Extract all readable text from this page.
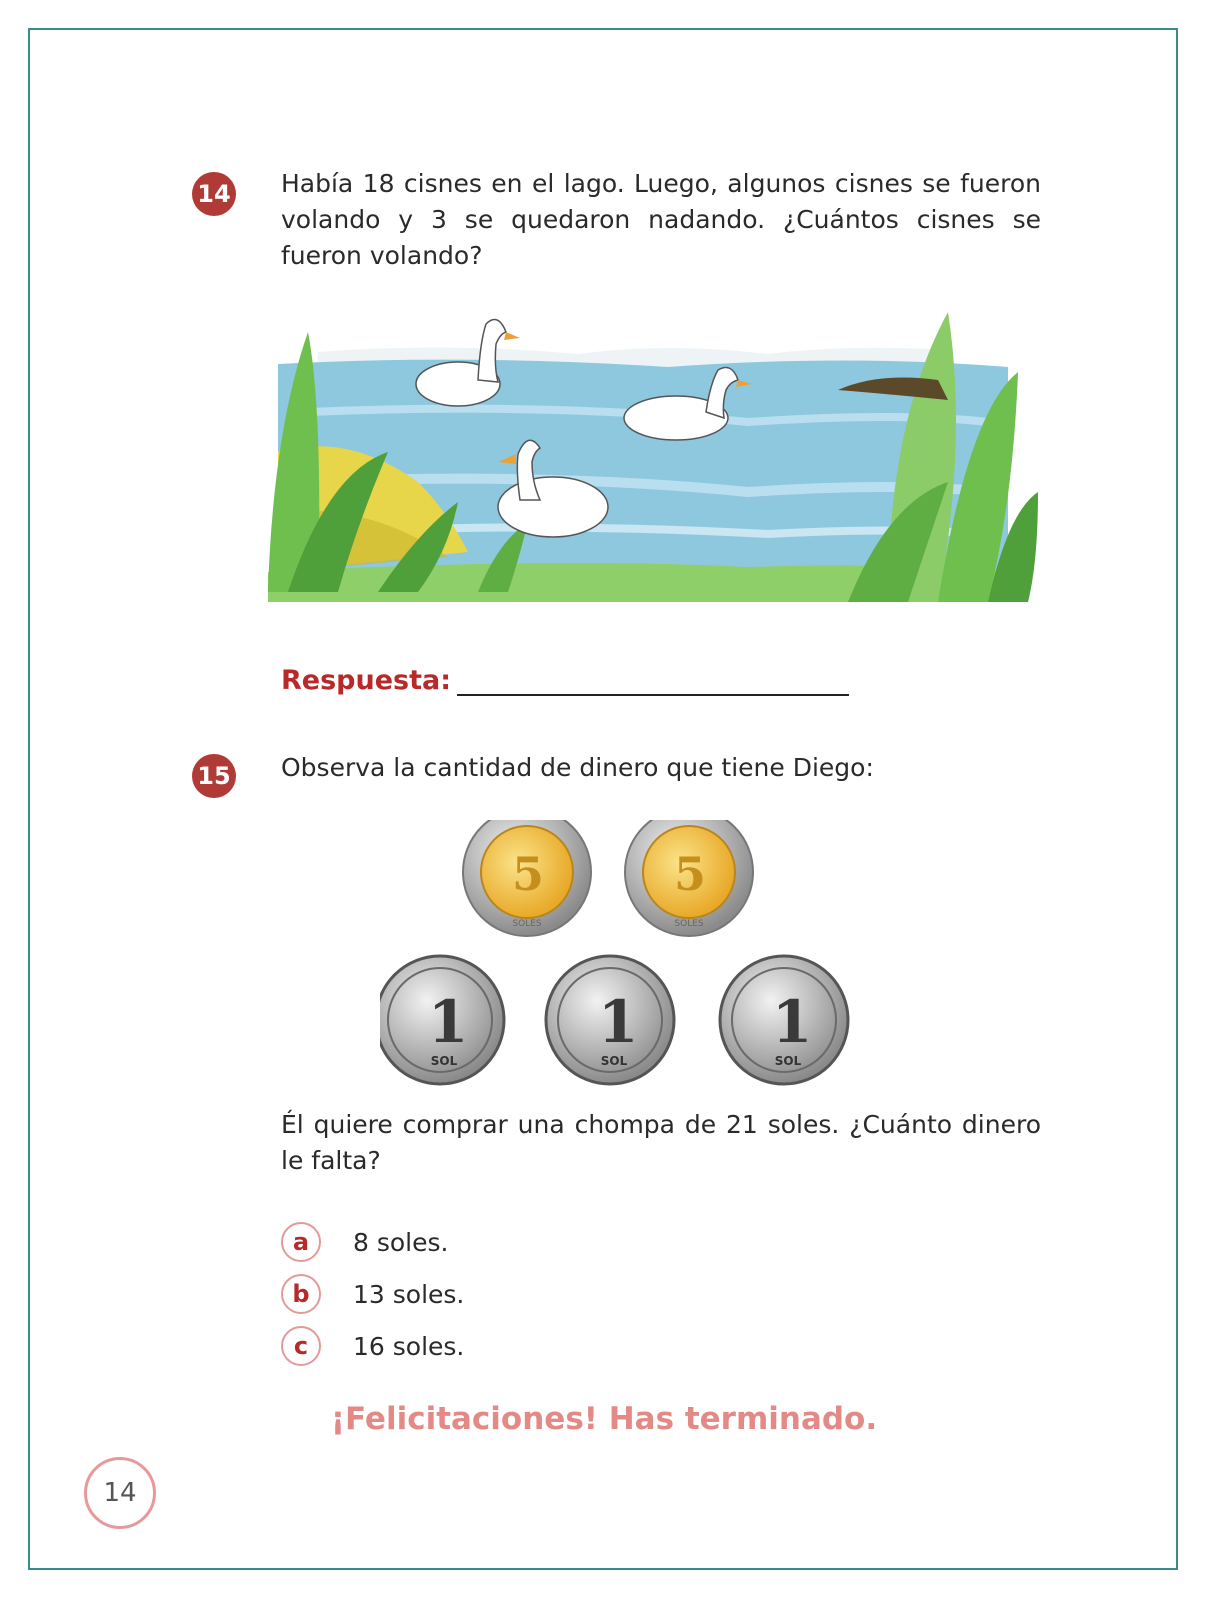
14 Había 18 cisnes en el lago. Luego, algunos cisnes se fueron volando y 3 se quedaron nadando. ¿Cuántos cisnes se fueron volando?
Respuesta:
15 Observa la cantidad de dinero que tiene Diego:
5
SOLES
5
SOLES
1
SOL
1
SOL
1
SOL
Él quiere comprar una chompa de 21 soles. ¿Cuánto dinero le falta?
a	8 soles.
b	13 soles.
c	16 soles.
¡Felicitaciones! Has terminado.
14
